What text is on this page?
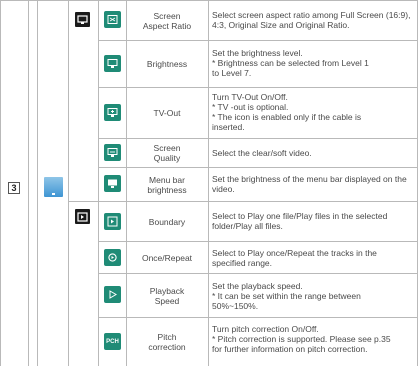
3
PCH
Screen
Aspect Ratio
Brightness
TV-Out
Screen
Quality
Menu bar
brightness
Boundary
Once/Repeat
Playback
Speed
Pitch
correction
Select screen aspect ratio among Full Screen (16:9), 4:3, Original Size and Original Ratio.
Set the brightness level.
* Brightness can be selected from Level 1
to Level 7.
Turn TV-Out On/Off.
* TV -out is optional.
* The icon is enabled only if the cable is
inserted.
Select the clear/soft video.
Set the brightness of the menu bar displayed on the video.
Select to Play one file/Play files in the selected folder/Play all files.
Select to Play once/Repeat the tracks in the specified range.
Set the playback speed.
* It can be set within the range between
50%~150%.
Turn pitch correction On/Off.
* Pitch correction is supported. Please see p.35
for further information on pitch correction.
